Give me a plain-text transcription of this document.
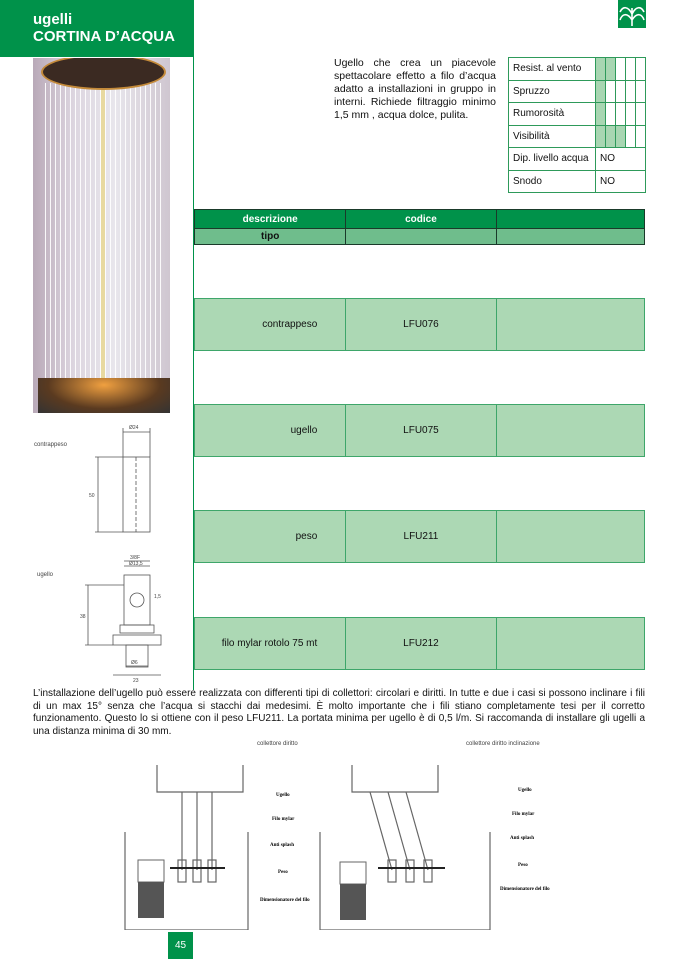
ugelli
CORTINA D’ACQUA
Ugello che crea un piacevole spettacolare effetto a filo d’acqua adatto a installazioni in gruppo in interni. Richiede filtraggio minimo 1,5 mm , acqua dolce, pulita.
Resist. al vento					
Spruzzo					
Rumorosità					
Visibilità					
Dip. livello acqua	NO				
Snodo	NO				
descrizione	codice
tipo
contrappeso	LFU076
ugello	LFU075
peso	LFU211
filo mylar rotolo 75 mt	LFU212
contrappeso
ugello
Ø24
50
3/8F
Ø13,5
38
1,5
Ø6
23
L’installazione dell’ugello può essere realizzata con differenti tipi di collettori: circolari e diritti. In tutte e due i casi si possono inclinare i fili di un max 15° senza che l’acqua si stacchi dai medesimi. È molto importante che i fili stiano completamente tesi per il corretto funzionamento. Questo lo si ottiene con il peso LFU211. La portata minima per ugello è di 0,5 l/m. Si raccomanda di installare gli ugelli a una distanza minima di 30 mm.
collettore diritto	collettore diritto inclinazione
Ugello
Filo mylar
Anti splash
Peso
Dimensionatore del filo
Ugello
Filo mylar
Anti splash
Peso
Dimensionatore del filo
45
